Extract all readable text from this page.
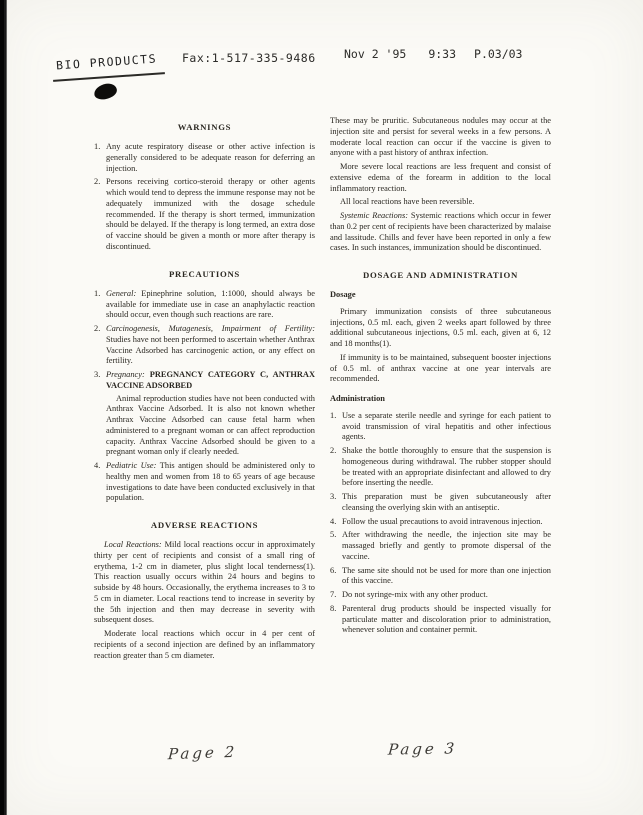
BIO PRODUCTS Fax:1-517-335-9486 Nov 2 '95 9:33 P.03/03
WARNINGS
Any acute respiratory disease or other active infection is generally considered to be adequate reason for deferring an injection.
Persons receiving cortico-steroid therapy or other agents which would tend to depress the immune response may not be adequately immunized with the dosage schedule recommended. If the therapy is short termed, immunization should be delayed. If the therapy is long termed, an extra dose of vaccine should be given a month or more after therapy is discontinued.
PRECAUTIONS
General: Epinephrine solution, 1:1000, should always be available for immediate use in case an anaphylactic reaction should occur, even though such reactions are rare.
Carcinogenesis, Mutagenesis, Impairment of Fertility: Studies have not been performed to ascertain whether Anthrax Vaccine Adsorbed has carcinogenic action, or any effect on fertility.
Pregnancy: PREGNANCY CATEGORY C, ANTHRAX VACCINE ADSORBED
Animal reproduction studies have not been conducted with Anthrax Vaccine Adsorbed. It is also not known whether Anthrax Vaccine Adsorbed can cause fetal harm when administered to a pregnant woman or can affect reproduction capacity. Anthrax Vaccine Adsorbed should be given to a pregnant woman only if clearly needed.
Pediatric Use: This antigen should be administered only to healthy men and women from 18 to 65 years of age because investigations to date have been conducted exclusively in that population.
ADVERSE REACTIONS

Local Reactions: Mild local reactions occur in approximately thirty per cent of recipients and consist of a small ring of erythema, 1-2 cm in diameter, plus slight local tenderness(1). This reaction usually occurs within 24 hours and begins to subside by 48 hours. Occasionally, the erythema increases to 3 to 5 cm in diameter. Local reactions tend to increase in severity by the 5th injection and then may decrease in severity with subsequent doses.

Moderate local reactions which occur in 4 per cent of recipients of a second injection are defined by an inflammatory reaction greater than 5 cm diameter.

These may be pruritic. Subcutaneous nodules may occur at the injection site and persist for several weeks in a few persons. A moderate local reaction can occur if the vaccine is given to anyone with a past history of anthrax infection.

More severe local reactions are less frequent and consist of extensive edema of the forearm in addition to the local inflammatory reaction.

All local reactions have been reversible.

Systemic Reactions: Systemic reactions which occur in fewer than 0.2 per cent of recipients have been characterized by malaise and lassitude. Chills and fever have been reported in only a few cases. In such instances, immunization should be discontinued.

DOSAGE AND ADMINISTRATION
Dosage

Primary immunization consists of three subcutaneous injections, 0.5 ml. each, given 2 weeks apart followed by three additional subcutaneous injections, 0.5 ml. each, given at 6, 12 and 18 months(1).

If immunity is to be maintained, subsequent booster injections of 0.5 ml. of anthrax vaccine at one year intervals are recommended.

Administration
Use a separate sterile needle and syringe for each patient to avoid transmission of viral hepatitis and other infectious agents.
Shake the bottle thoroughly to ensure that the suspension is homogeneous during withdrawal. The rubber stopper should be treated with an appropriate disinfectant and allowed to dry before inserting the needle.
This preparation must be given subcutaneously after cleansing the overlying skin with an antiseptic.
Follow the usual precautions to avoid intravenous injection.
After withdrawing the needle, the injection site may be massaged briefly and gently to promote dispersal of the vaccine.
The same site should not be used for more than one injection of this vaccine.
Do not syringe-mix with any other product.
Parenteral drug products should be inspected visually for particulate matter and discoloration prior to administration, whenever solution and container permit.
Page 2	Page 3
